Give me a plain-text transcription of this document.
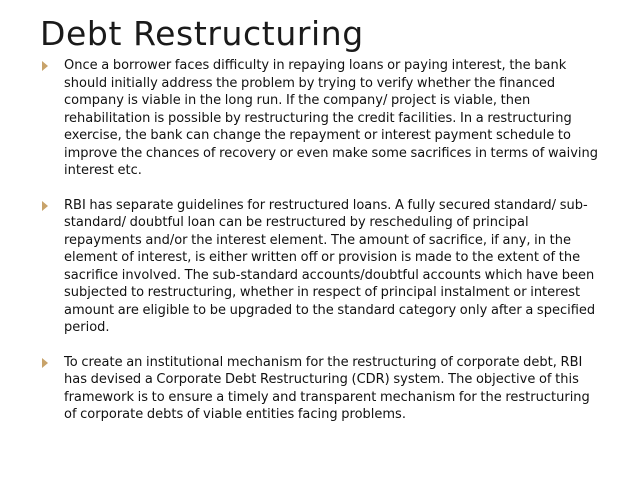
Debt Restructuring
Once a borrower faces difficulty in repaying loans or paying interest, the bank should initially address the problem by trying to verify whether the financed company is viable in the long run. If the company/ project is viable, then rehabilitation is possible by restructuring the credit facilities. In a restructuring exercise, the bank can change the repayment or interest payment schedule to improve the chances of recovery or even make some sacrifices in terms of waiving interest etc.
RBI has separate guidelines for restructured loans. A fully secured standard/ sub-standard/ doubtful loan can be restructured by rescheduling of principal repayments and/or the interest element. The amount of sacrifice, if any, in the element of interest, is either written off or provision is made to the extent of the sacrifice involved. The sub-standard accounts/doubtful accounts which have been subjected to restructuring, whether in respect of principal instalment or interest amount are eligible to be upgraded to the standard category only after a specified period.
To create an institutional mechanism for the restructuring of corporate debt, RBI has devised a Corporate Debt Restructuring (CDR) system. The objective of this framework is to ensure a timely and transparent mechanism for the restructuring of corporate debts of viable entities facing problems.
